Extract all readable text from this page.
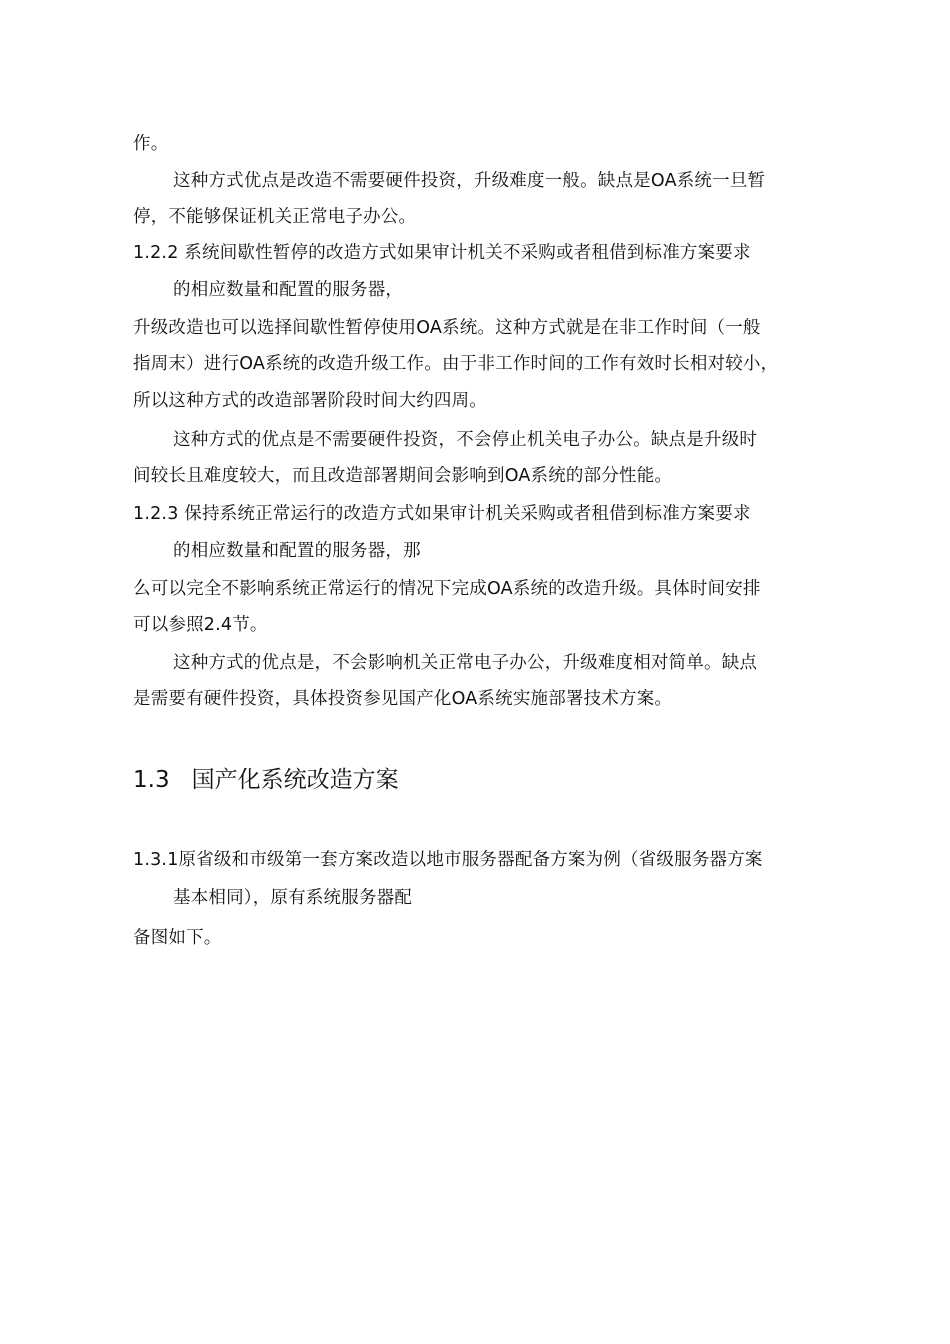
作。
这种方式优点是改造不需要硬件投资，升级难度一般。缺点是OA系统一旦暂
停，不能够保证机关正常电子办公。
1.2.2 系统间歇性暂停的改造方式如果审计机关不采购或者租借到标准方案要求
的相应数量和配置的服务器，
升级改造也可以选择间歇性暂停使用OA系统。这种方式就是在非工作时间（一般
指周末）进行OA系统的改造升级工作。由于非工作时间的工作有效时长相对较小，
所以这种方式的改造部署阶段时间大约四周。
这种方式的优点是不需要硬件投资，不会停止机关电子办公。缺点是升级时
间较长且难度较大，而且改造部署期间会影响到OA系统的部分性能。
1.2.3 保持系统正常运行的改造方式如果审计机关采购或者租借到标准方案要求
的相应数量和配置的服务器，那
么可以完全不影响系统正常运行的情况下完成OA系统的改造升级。具体时间安排
可以参照2.4节。
这种方式的优点是，不会影响机关正常电子办公，升级难度相对简单。缺点
是需要有硬件投资，具体投资参见国产化OA系统实施部署技术方案。
1.3 国产化系统改造方案
1.3.1原省级和市级第一套方案改造以地市服务器配备方案为例（省级服务器方案
基本相同），原有系统服务器配
备图如下。
